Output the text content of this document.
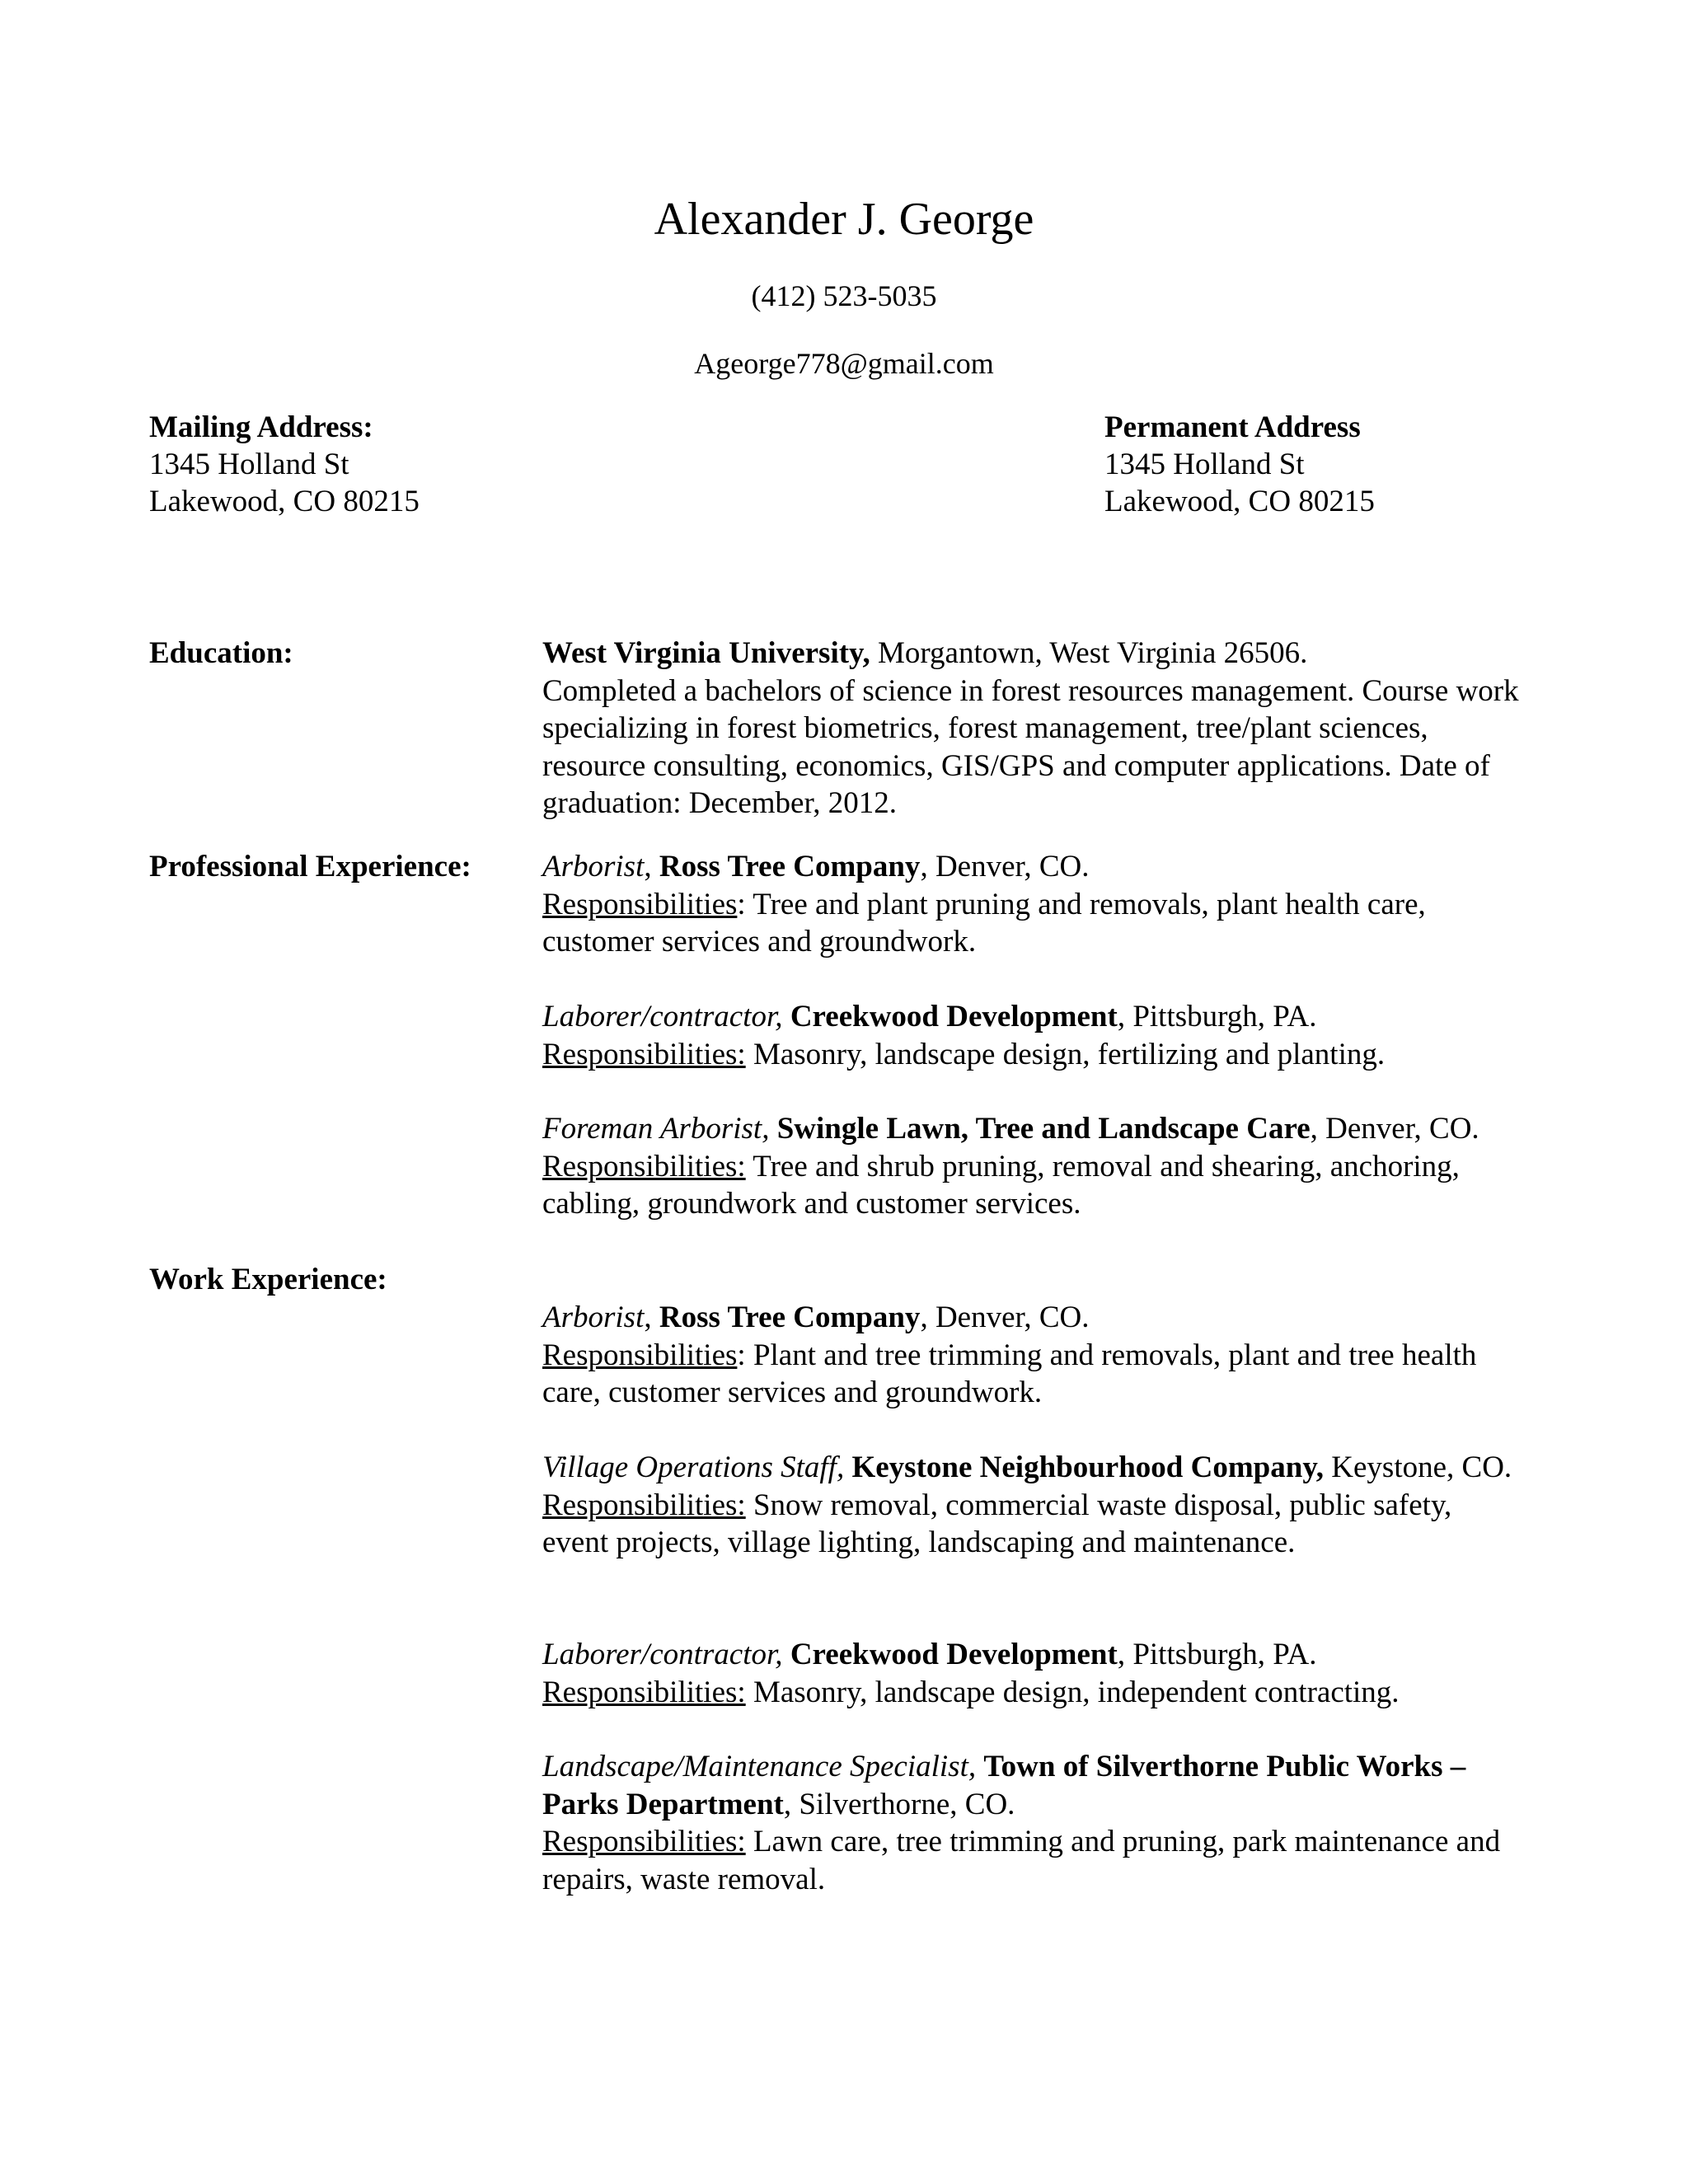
Alexander J. George
(412) 523-5035
Ageorge778@gmail.com
Mailing Address:
1345 Holland St
Lakewood, CO 80215
Permanent Address
1345 Holland St
Lakewood, CO 80215
Education:	West Virginia University, Morgantown, West Virginia 26506.

Completed a bachelors of science in forest resources management. Course work specializing in forest biometrics, forest management, tree/plant sciences, resource consulting, economics, GIS/GPS and computer applications. Date of graduation: December, 2012.

Professional Experience: Arborist, Ross Tree Company, Denver, CO.

Responsibilities: Tree and plant pruning and removals, plant health care, customer services and groundwork.

Laborer/contractor, Creekwood Development, Pittsburgh, PA.

Responsibilities: Masonry, landscape design, fertilizing and planting.

Foreman Arborist, Swingle Lawn, Tree and Landscape Care, Denver, CO. Responsibilities: Tree and shrub pruning, removal and shearing, anchoring, cabling, groundwork and customer services.

Work Experience:

Arborist, Ross Tree Company, Denver, CO.

Responsibilities: Plant and tree trimming and removals, plant and tree health care, customer services and groundwork.

Village Operations Staff, Keystone Neighbourhood Company, Keystone, CO.

Responsibilities: Snow removal, commercial waste disposal, public safety, event projects, village lighting, landscaping and maintenance.

Laborer/contractor, Creekwood Development, Pittsburgh, PA.

Responsibilities: Masonry, landscape design, independent contracting.

Landscape/Maintenance Specialist, Town of Silverthorne Public Works – Parks Department, Silverthorne, CO.

Responsibilities: Lawn care, tree trimming and pruning, park maintenance and repairs, waste removal.
